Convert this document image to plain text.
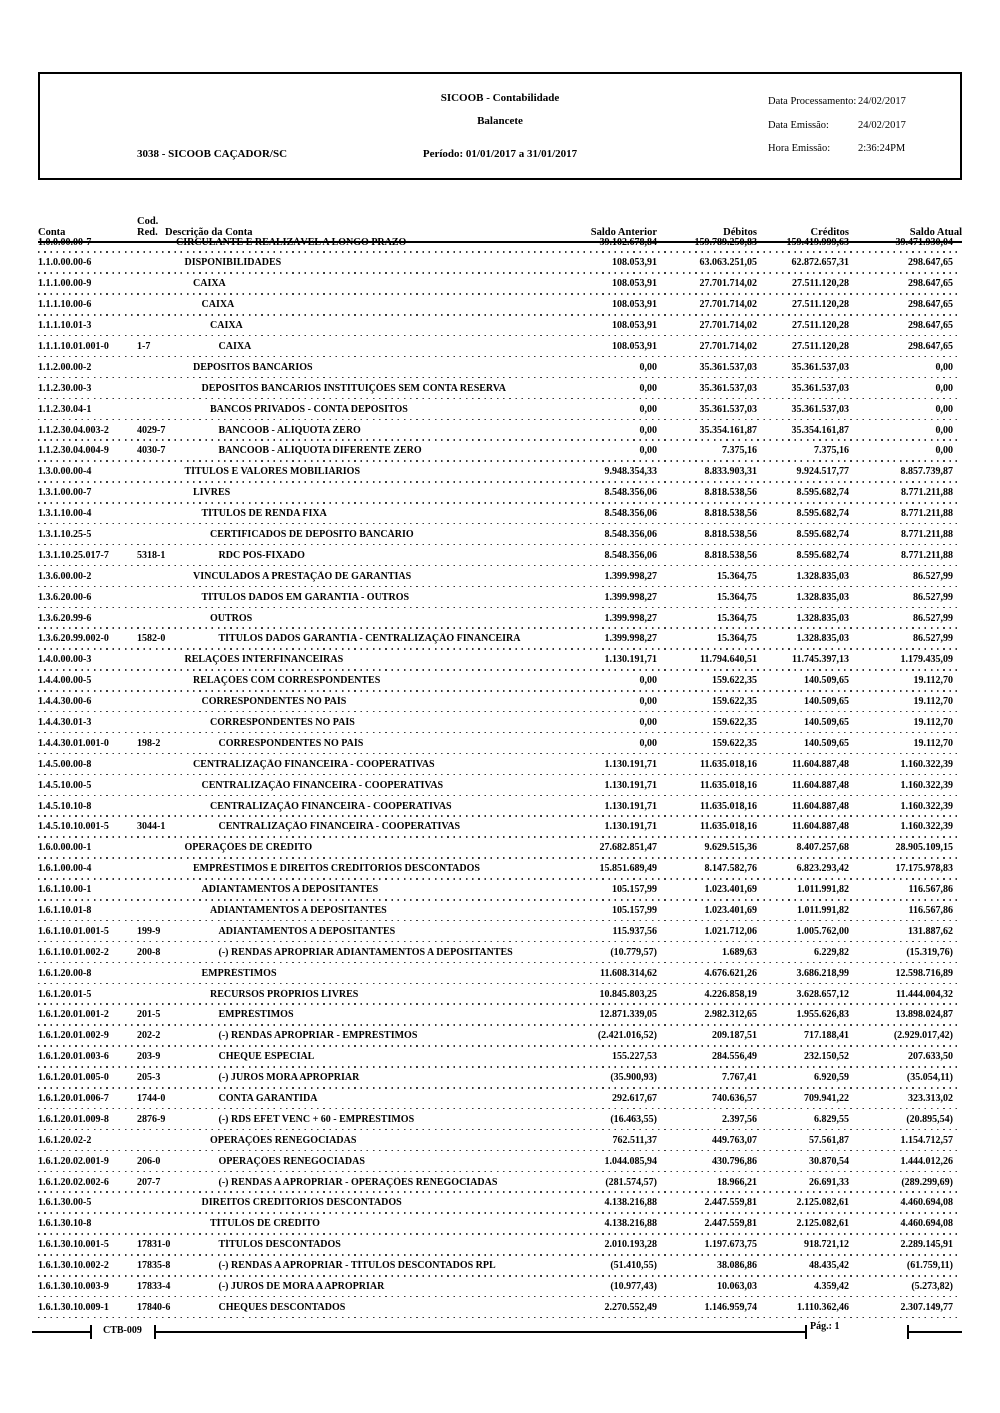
SICOOB - Contabilidade
Balancete
3038 - SICOOB CAÇADOR/SC	Período: 01/01/2017 a 31/01/2017
Data Processamento: 24/02/2017
Data Emissão:	24/02/2017
Hora Emissão:	2:36:24PM
Conta
Cod. Red. Descrição da Conta	Saldo Anterior	Débitos	Créditos	Saldo Atual
1.0.0.00.00-7	CIRCULANTE E REALIZÁVEL A LONGO PRAZO	39.102.678,84	159.789.250,83	159.419.999,63	39.471.930,04
1.1.0.00.00-6	DISPONIBILIDADES	108.053,91	63.063.251,05	62.872.657,31	298.647,65
1.1.1.00.00-9	CAIXA	108.053,91	27.701.714,02	27.511.120,28	298.647,65
1.1.1.10.00-6	CAIXA	108.053,91	27.701.714,02	27.511.120,28	298.647,65
1.1.1.10.01-3	CAIXA	108.053,91	27.701.714,02	27.511.120,28	298.647,65
1.1.1.10.01.001-0	1-7	CAIXA	108.053,91	27.701.714,02	27.511.120,28	298.647,65
1.1.2.00.00-2	DEPÓSITOS BANCÁRIOS	0,00	35.361.537,03	35.361.537,03	0,00
1.1.2.30.00-3	DEPÓSITOS BANCÁRIOS INSTITUIÇÕES SEM CONTA RESERVA	0,00	35.361.537,03	35.361.537,03	0,00
1.1.2.30.04-1	BANCOS PRIVADOS - CONTA DEPÓSITOS	0,00	35.361.537,03	35.361.537,03	0,00
1.1.2.30.04.003-2	4029-7	BANCOOB - ALÍQUOTA ZERO	0,00	35.354.161,87	35.354.161,87	0,00
1.1.2.30.04.004-9	4030-7	BANCOOB - ALÍQUOTA DIFERENTE ZERO	0,00	7.375,16	7.375,16	0,00
1.3.0.00.00-4	TÍTULOS E VALORES MOBILIÁRIOS	9.948.354,33	8.833.903,31	9.924.517,77	8.857.739,87
1.3.1.00.00-7	LIVRES	8.548.356,06	8.818.538,56	8.595.682,74	8.771.211,88
1.3.1.10.00-4	TÍTULOS DE RENDA FIXA	8.548.356,06	8.818.538,56	8.595.682,74	8.771.211,88
1.3.1.10.25-5	CERTIFICADOS DE DEPÓSITO BANCÁRIO	8.548.356,06	8.818.538,56	8.595.682,74	8.771.211,88
1.3.1.10.25.017-7	5318-1	RDC PÓS-FIXADO	8.548.356,06	8.818.538,56	8.595.682,74	8.771.211,88
1.3.6.00.00-2	VINCULADOS A PRESTAÇÃO DE GARANTIAS	1.399.998,27	15.364,75	1.328.835,03	86.527,99
1.3.6.20.00-6	TÍTULOS DADOS EM GARANTIA - OUTROS	1.399.998,27	15.364,75	1.328.835,03	86.527,99
1.3.6.20.99-6	OUTROS	1.399.998,27	15.364,75	1.328.835,03	86.527,99
1.3.6.20.99.002-0	1582-0	TÍTULOS DADOS GARANTIA - CENTRALIZAÇÃO FINANCEIRA	1.399.998,27	15.364,75	1.328.835,03	86.527,99
1.4.0.00.00-3	RELAÇÕES INTERFINANCEIRAS	1.130.191,71	11.794.640,51	11.745.397,13	1.179.435,09
1.4.4.00.00-5	RELAÇÕES COM CORRESPONDENTES	0,00	159.622,35	140.509,65	19.112,70
1.4.4.30.00-6	CORRESPONDENTES NO PAÍS	0,00	159.622,35	140.509,65	19.112,70
1.4.4.30.01-3	CORRESPONDENTES NO PAÍS	0,00	159.622,35	140.509,65	19.112,70
1.4.4.30.01.001-0	198-2	CORRESPONDENTES NO PAÍS	0,00	159.622,35	140.509,65	19.112,70
1.4.5.00.00-8	CENTRALIZAÇÃO FINANCEIRA - COOPERATIVAS	1.130.191,71	11.635.018,16	11.604.887,48	1.160.322,39
1.4.5.10.00-5	CENTRALIZAÇÃO FINANCEIRA - COOPERATIVAS	1.130.191,71	11.635.018,16	11.604.887,48	1.160.322,39
1.4.5.10.10-8	CENTRALIZAÇÃO FINANCEIRA - COOPERATIVAS	1.130.191,71	11.635.018,16	11.604.887,48	1.160.322,39
1.4.5.10.10.001-5	3044-1	CENTRALIZAÇÃO FINANCEIRA - COOPERATIVAS	1.130.191,71	11.635.018,16	11.604.887,48	1.160.322,39
1.6.0.00.00-1	OPERAÇÕES DE CRÉDITO	27.682.851,47	9.629.515,36	8.407.257,68	28.905.109,15
1.6.1.00.00-4	EMPRÉSTIMOS E DIREITOS CREDITÓRIOS DESCONTADOS	15.851.689,49	8.147.582,76	6.823.293,42	17.175.978,83
1.6.1.10.00-1	ADIANTAMENTOS A DEPOSITANTES	105.157,99	1.023.401,69	1.011.991,82	116.567,86
1.6.1.10.01-8	ADIANTAMENTOS A DEPOSITANTES	105.157,99	1.023.401,69	1.011.991,82	116.567,86
1.6.1.10.01.001-5	199-9	ADIANTAMENTOS A DEPOSITANTES	115.937,56	1.021.712,06	1.005.762,00	131.887,62
1.6.1.10.01.002-2	200-8	(-) RENDAS APROPRIAR ADIANTAMENTOS A DEPOSITANTES	(10.779,57)	1.689,63	6.229,82	(15.319,76)
1.6.1.20.00-8	EMPRÉSTIMOS	11.608.314,62	4.676.621,26	3.686.218,99	12.598.716,89
1.6.1.20.01-5	RECURSOS PRÓPRIOS LIVRES	10.845.803,25	4.226.858,19	3.628.657,12	11.444.004,32
1.6.1.20.01.001-2	201-5	EMPRÉSTIMOS	12.871.339,05	2.982.312,65	1.955.626,83	13.898.024,87
1.6.1.20.01.002-9	202-2	(-) RENDAS APROPRIAR - EMPRÉSTIMOS	(2.421.016,52)	209.187,51	717.188,41	(2.929.017,42)
1.6.1.20.01.003-6	203-9	CHEQUE ESPECIAL	155.227,53	284.556,49	232.150,52	207.633,50
1.6.1.20.01.005-0	205-3	(-) JUROS MORA APROPRIAR	(35.900,93)	7.767,41	6.920,59	(35.054,11)
1.6.1.20.01.006-7	1744-0	CONTA GARANTIDA	292.617,67	740.636,57	709.941,22	323.313,02
1.6.1.20.01.009-8	2876-9	(-) RDS EFET VENC + 60 - EMPRÉSTIMOS	(16.463,55)	2.397,56	6.829,55	(20.895,54)
1.6.1.20.02-2	OPERAÇÕES RENEGOCIADAS	762.511,37	449.763,07	57.561,87	1.154.712,57
1.6.1.20.02.001-9	206-0	OPERAÇÕES RENEGOCIADAS	1.044.085,94	430.796,86	30.870,54	1.444.012,26
1.6.1.20.02.002-6	207-7	(-) RENDAS A APROPRIAR - OPERAÇÕES RENEGOCIADAS	(281.574,57)	18.966,21	26.691,33	(289.299,69)
1.6.1.30.00-5	DIREITOS CREDITÓRIOS DESCONTADOS	4.138.216,88	2.447.559,81	2.125.082,61	4.460.694,08
1.6.1.30.10-8	TÍTULOS DE CRÉDITO	4.138.216,88	2.447.559,81	2.125.082,61	4.460.694,08
1.6.1.30.10.001-5	17831-0	TÍTULOS DESCONTADOS	2.010.193,28	1.197.673,75	918.721,12	2.289.145,91
1.6.1.30.10.002-2	17835-8	(-) RENDAS A APROPRIAR - TÍTULOS DESCONTADOS RPL	(51.410,55)	38.086,86	48.435,42	(61.759,11)
1.6.1.30.10.003-9	17833-4	(-) JUROS DE MORA A APROPRIAR	(10.977,43)	10.063,03	4.359,42	(5.273,82)
1.6.1.30.10.009-1	17840-6	CHEQUES DESCONTADOS	2.270.552,49	1.146.959,74	1.110.362,46	2.307.149,77
CTB-009	Pág.: 1
